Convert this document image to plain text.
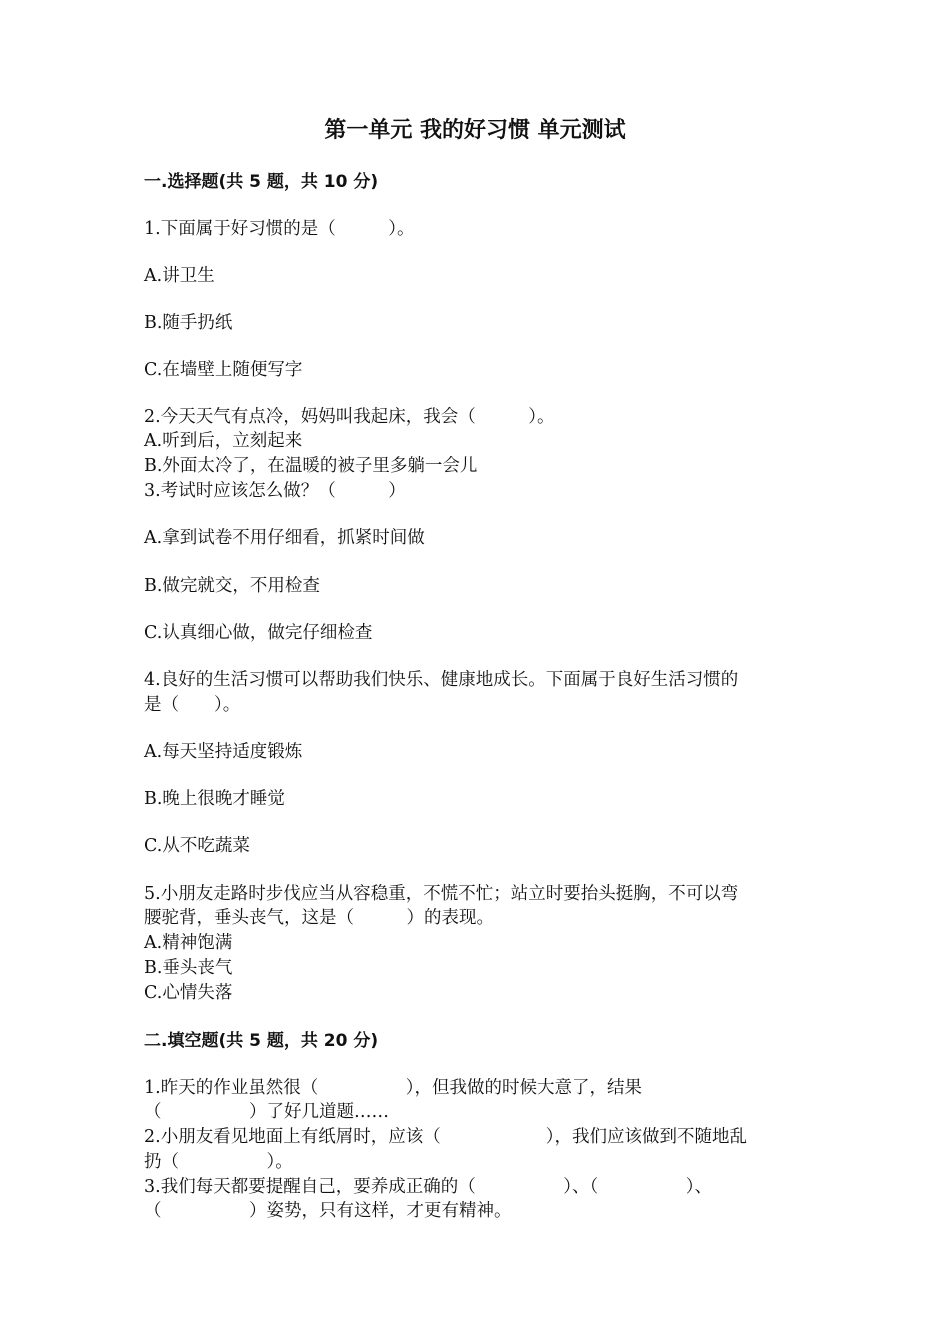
第一单元 我的好习惯 单元测试
一.选择题(共 5 题，共 10 分)
1.下面属于好习惯的是（　　　）。
A.讲卫生
B.随手扔纸
C.在墙壁上随便写字
2.今天天气有点冷，妈妈叫我起床，我会（　　　）。
A.听到后，立刻起来
B.外面太冷了，在温暖的被子里多躺一会儿
3.考试时应该怎么做？（　　　）
A.拿到试卷不用仔细看，抓紧时间做
B.做完就交，不用检查
C.认真细心做，做完仔细检查
4.良好的生活习惯可以帮助我们快乐、健康地成长。下面属于良好生活习惯的
是（　　）。
A.每天坚持适度锻炼
B.晚上很晚才睡觉
C.从不吃蔬菜
5.小朋友走路时步伐应当从容稳重，不慌不忙；站立时要抬头挺胸，不可以弯
腰驼背，垂头丧气，这是（　　　）的表现。
A.精神饱满
B.垂头丧气
C.心情失落
二.填空题(共 5 题，共 20 分)
1.昨天的作业虽然很（　　　　　），但我做的时候大意了，结果
（　　　　　）了好几道题……
2.小朋友看见地面上有纸屑时，应该（　　　　　　），我们应该做到不随地乱
扔（　　　　　）。
3.我们每天都要提醒自己，要养成正确的（　　　　　）、（　　　　　）、
（　　　　　）姿势，只有这样，才更有精神。
